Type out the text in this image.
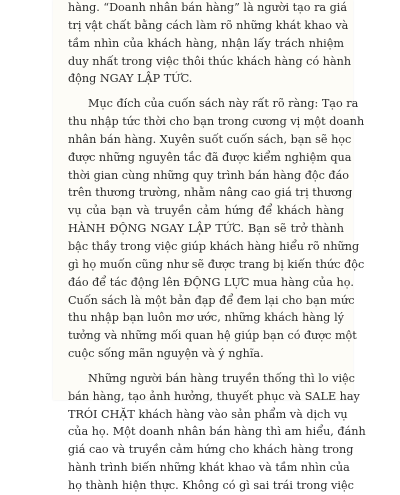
hàng. “Doanh nhân bán hàng” là người tạo ra giá
trị vật chất bằng cách làm rõ những khát khao và
tầm nhìn của khách hàng, nhận lấy trách nhiệm
duy nhất trong việc thôi thúc khách hàng có hành
động NGAY LẬP TỨC.
Mục đích của cuốn sách này rất rõ ràng: Tạo ra
thu nhập tức thời cho bạn trong cương vị một doanh
nhân bán hàng. Xuyên suốt cuốn sách, bạn sẽ học
được những nguyên tắc đã được kiểm nghiệm qua
thời gian cùng những quy trình bán hàng độc đáo
trên thương trường, nhằm nâng cao giá trị thương
vụ của bạn và truyền cảm hứng để khách hàng
HÀNH ĐỘNG NGAY LẬP TỨC. Bạn sẽ trở thành
bậc thầy trong việc giúp khách hàng hiểu rõ những
gì họ muốn cũng như sẽ được trang bị kiến thức độc
đáo để tác động lên ĐỘNG LỰC mua hàng của họ.
Cuốn sách là một bản đạp để đem lại cho bạn mức
thu nhập bạn luôn mơ ước, những khách hàng lý
tưởng và những mối quan hệ giúp bạn có được một
cuộc sống mãn nguyện và ý nghĩa.
Những người bán hàng truyền thống thì lo việc
bán hàng, tạo ảnh hưởng, thuyết phục và SALE hay
TRÓI CHẶT khách hàng vào sản phẩm và dịch vụ
của họ. Một doanh nhân bán hàng thì am hiểu, đánh
giá cao và truyền cảm hứng cho khách hàng trong
hành trình biến những khát khao và tầm nhìn của
họ thành hiện thực. Không có gì sai trái trong việc
